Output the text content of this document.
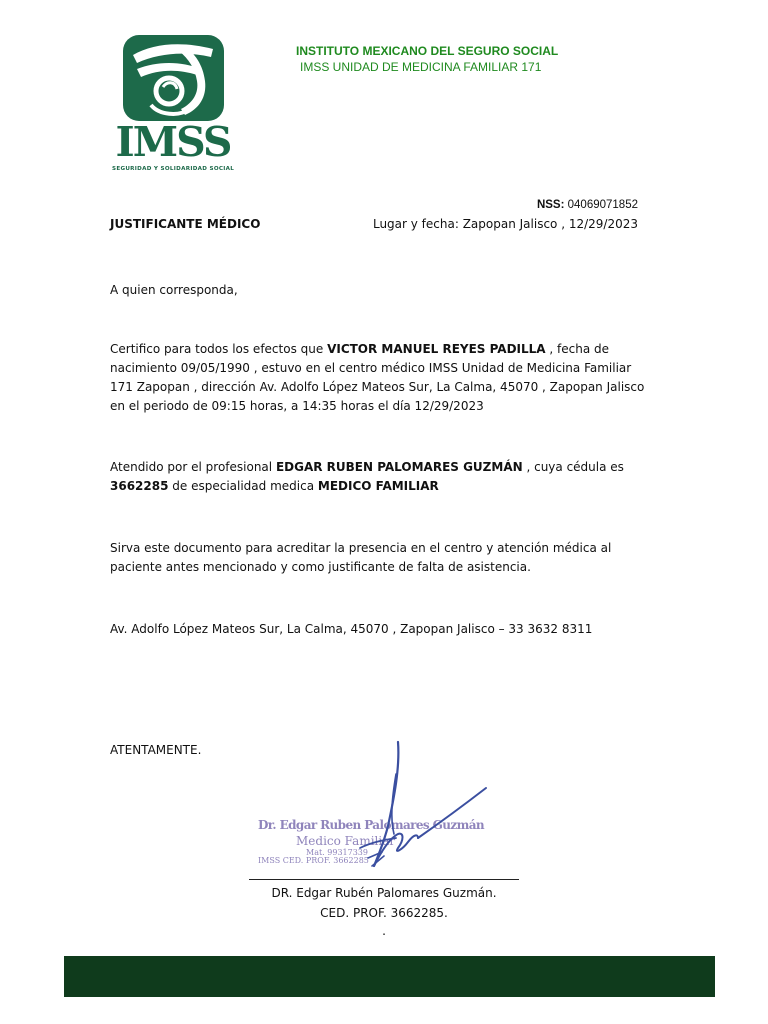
IMSS
SEGURIDAD Y SOLIDARIDAD SOCIAL
INSTITUTO MEXICANO DEL SEGURO SOCIAL
IMSS UNIDAD DE MEDICINA FAMILIAR 171
NSS: 04069071852
JUSTIFICANTE MÉDICO	Lugar y fecha: Zapopan Jalisco , 12/29/2023
A quien corresponda,
Certifico para todos los efectos que VICTOR MANUEL REYES PADILLA , fecha de nacimiento 09/05/1990 , estuvo en el centro médico IMSS Unidad de Medicina Familiar 171 Zapopan , dirección Av. Adolfo López Mateos Sur, La Calma, 45070 , Zapopan Jalisco en el periodo de 09:15 horas, a 14:35 horas el día 12/29/2023
Atendido por el profesional EDGAR RUBEN PALOMARES GUZMÁN , cuya cédula es 3662285 de especialidad medica MEDICO FAMILIAR
Sirva este documento para acreditar la presencia en el centro y atención médica al paciente antes mencionado y como justificante de falta de asistencia.
Av. Adolfo López Mateos Sur, La Calma, 45070 , Zapopan Jalisco – 33 3632 8311
ATENTAMENTE.
Dr. Edgar Ruben Palomares Guzmán
Medico Familiar
Mat. 99317339
IMSS CED. PROF. 3662285
DR. Edgar Rubén Palomares Guzmán.
CED. PROF. 3662285.
.
